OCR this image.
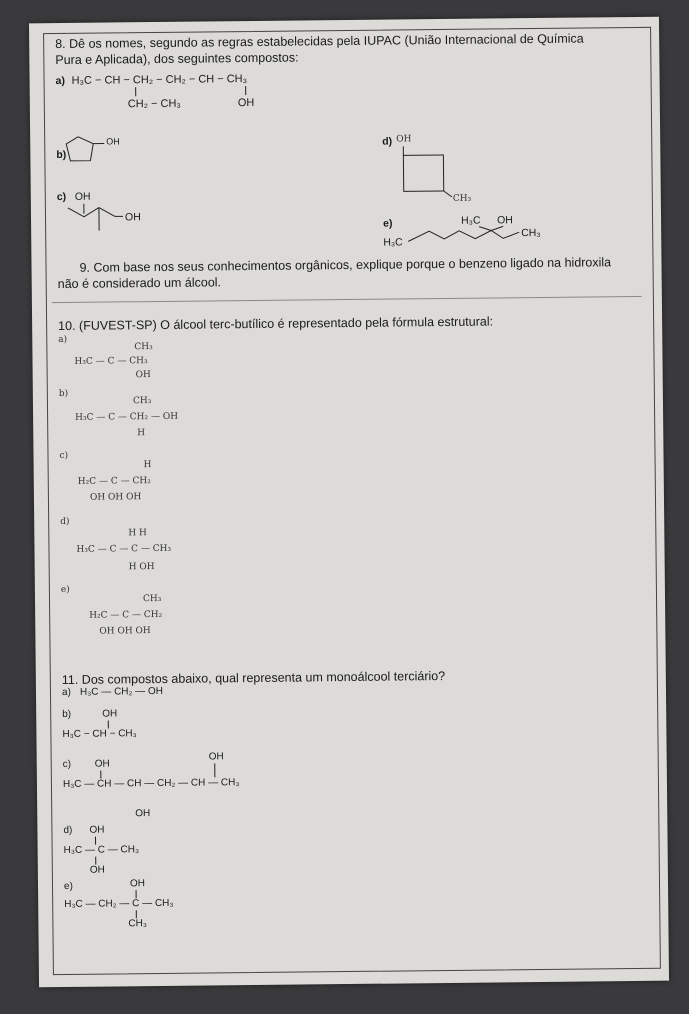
8. Dê os nomes, segundo as regras estabelecidas pela IUPAC (União Internacional de Química
Pura e Aplicada), dos seguintes compostos:
a) H₃C − CH − CH₂ − CH₂ − CH − CH₃
CH₂ − CH₃	OH
b)
OH
c) OH
OH
d) OH
CH₃
e)	H₃C OH
CH₃
H₃C
9. Com base nos seus conhecimentos orgânicos, explique porque o benzeno ligado na hidroxila
não é considerado um álcool.
10. (FUVEST-SP) O álcool terc-butílico é representado pela fórmula estrutural:
a)
CH₃
H₃C — C — CH₃
OH
b)
CH₃
H₃C — C — CH₂ — OH
H
c)
H
H₂C — C — CH₂
OH OH OH
d)
H H
H₃C — C — C — CH₃
H OH
e)
CH₃
H₂C — C — CH₂
OH OH OH
11. Dos compostos abaixo, qual representa um monoálcool terciário?
a) H₃C — CH₂ — OH
b)	OH
H₃C − CH − CH₃
c) OH
OH
H₃C — CH — CH — CH₂ — CH — CH₃
OH
d) OH
H₃C — C — CH₃
OH
e)	OH
H₃C — CH₂ — C — CH₃
CH₃
